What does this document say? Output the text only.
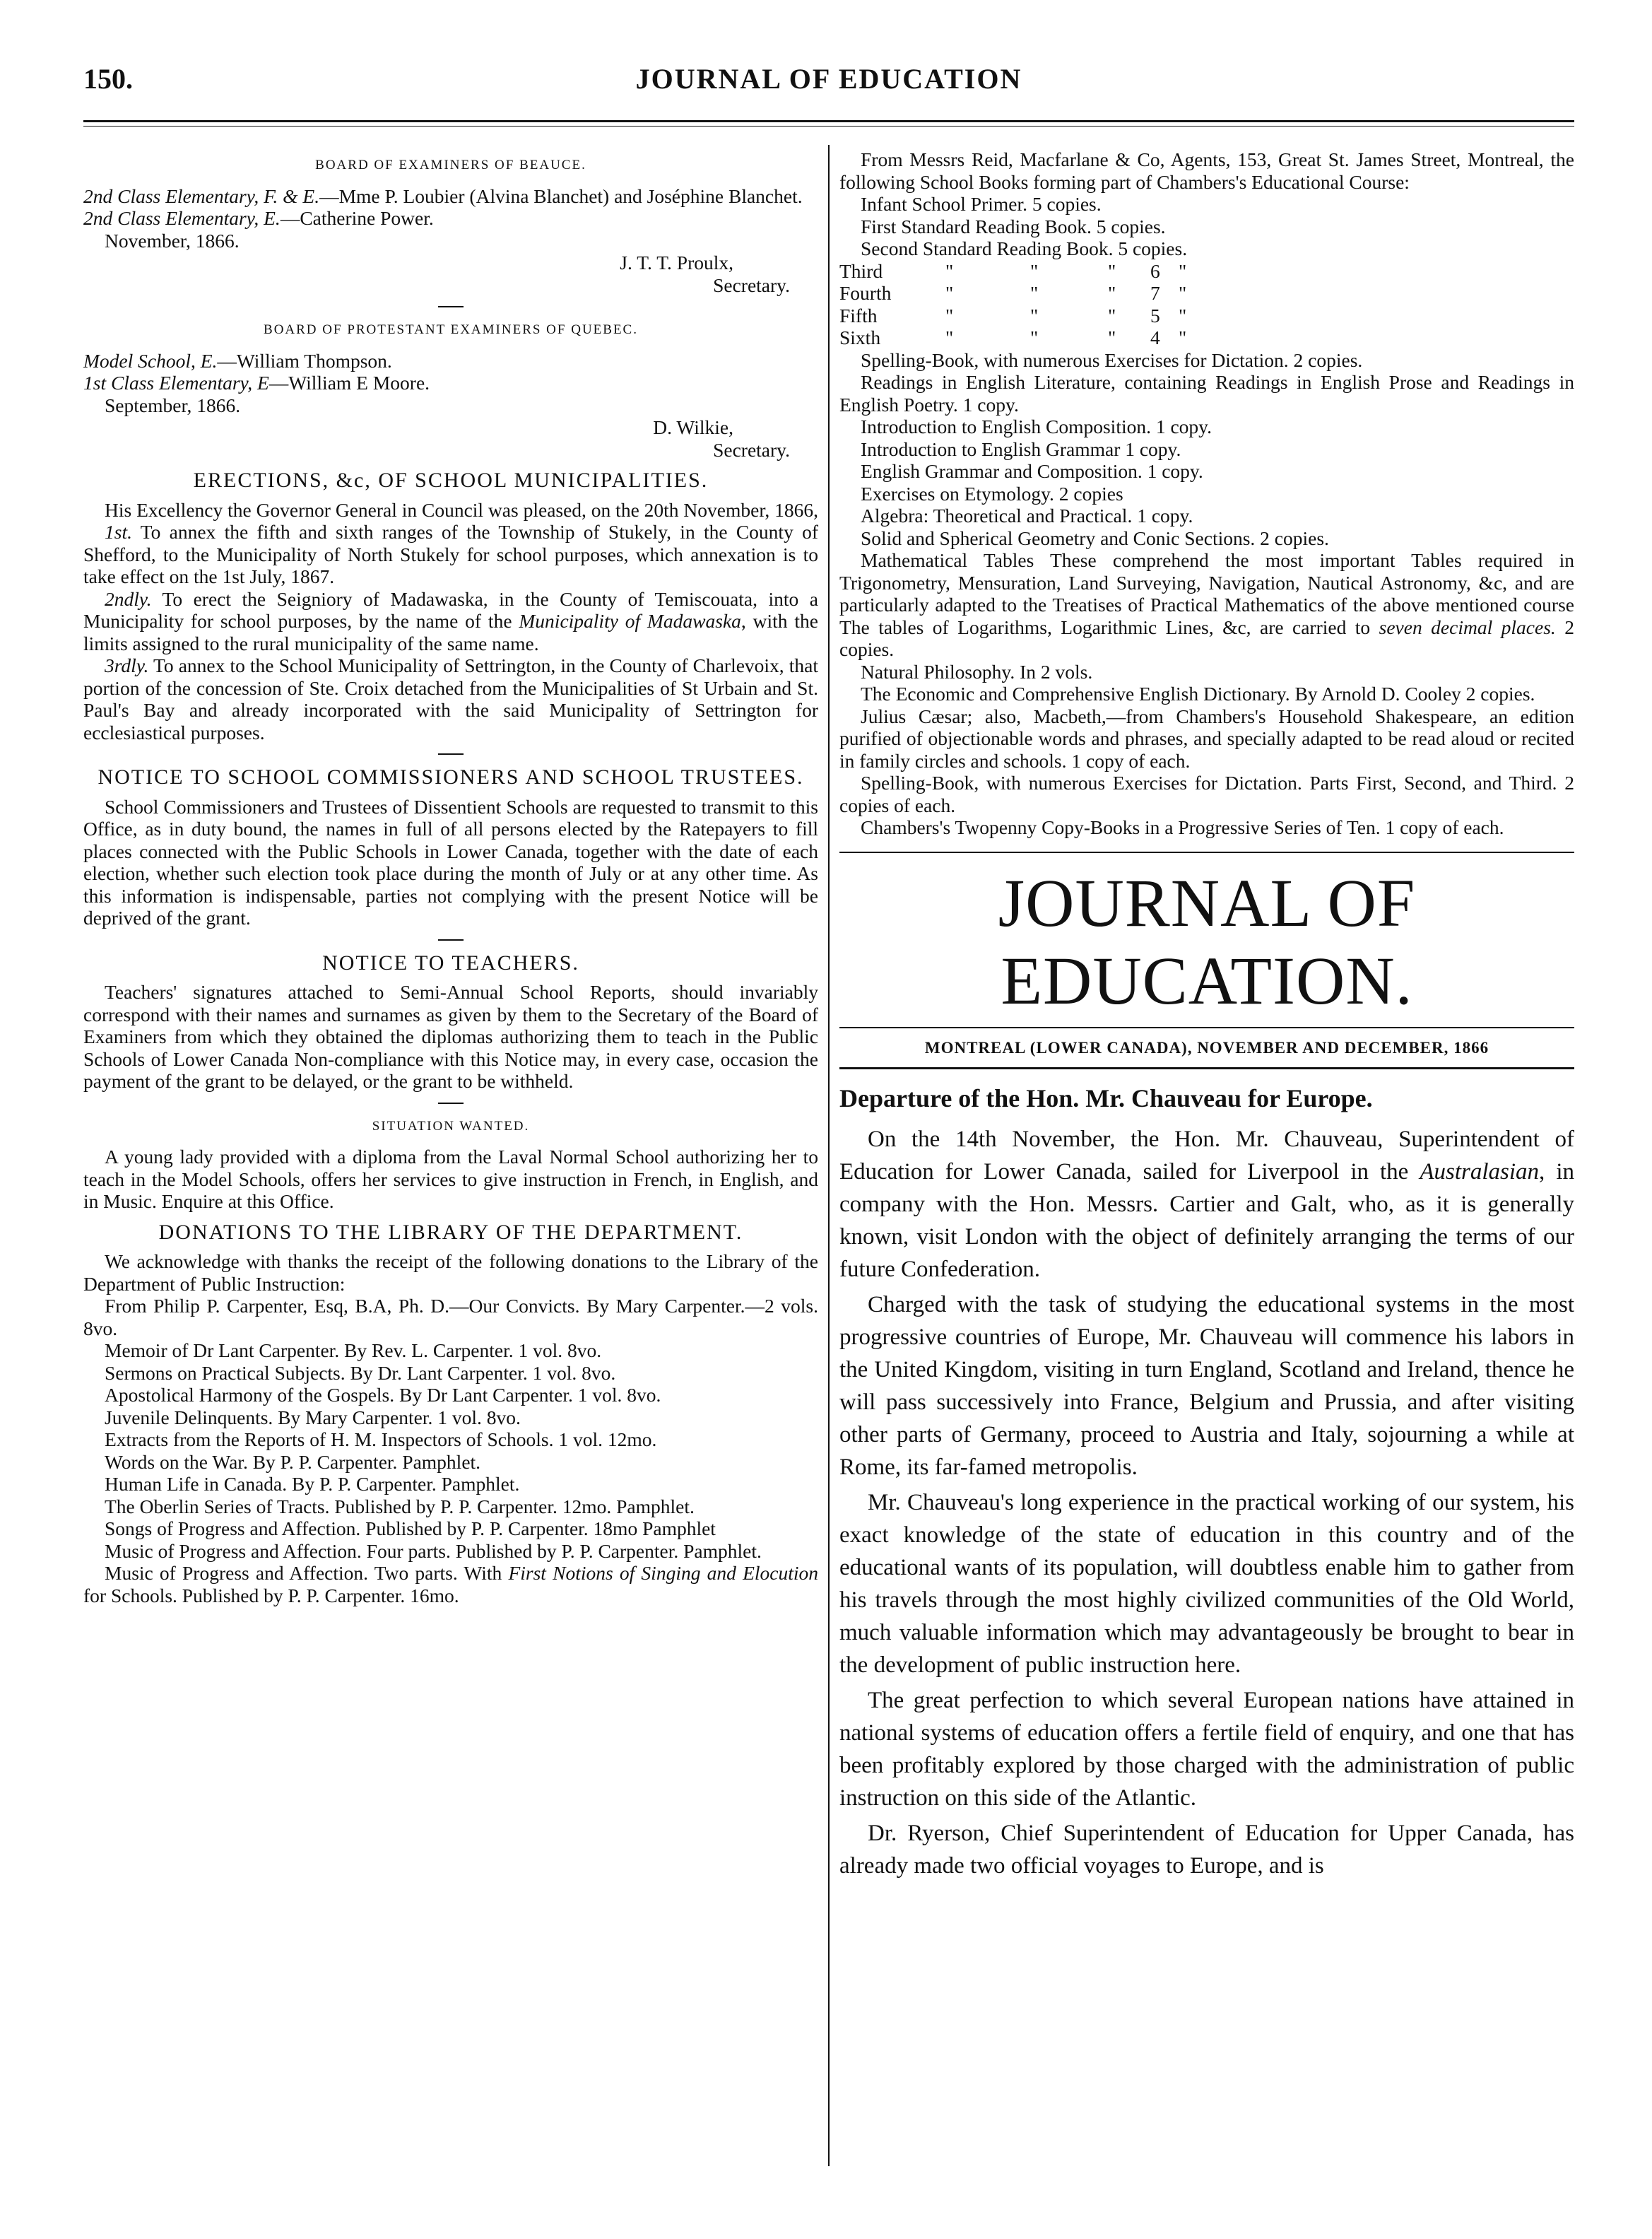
150.	JOURNAL OF EDUCATION
BOARD OF EXAMINERS OF BEAUCE.

2nd Class Elementary, F. & E.—Mme P. Loubier (Alvina Blanchet) and Joséphine Blanchet.

2nd Class Elementary, E.—Catherine Power.

November, 1866.

J. T. T. Proulx,

Secretary.

BOARD OF PROTESTANT EXAMINERS OF QUEBEC.

Model School, E.—William Thompson.

1st Class Elementary, E—William E Moore.

September, 1866.

D. Wilkie,

Secretary.

ERECTIONS, &c, OF SCHOOL MUNICIPALITIES.

His Excellency the Governor General in Council was pleased, on the 20th November, 1866,

1st. To annex the fifth and sixth ranges of the Township of Stukely, in the County of Shefford, to the Municipality of North Stukely for school purposes, which annexation is to take effect on the 1st July, 1867.

2ndly. To erect the Seigniory of Madawaska, in the County of Temiscouata, into a Municipality for school purposes, by the name of the Municipality of Madawaska, with the limits assigned to the rural municipality of the same name.

3rdly. To annex to the School Municipality of Settrington, in the County of Charlevoix, that portion of the concession of Ste. Croix detached from the Municipalities of St Urbain and St. Paul's Bay and already incorporated with the said Municipality of Settrington for ecclesiastical purposes.

NOTICE TO SCHOOL COMMISSIONERS AND SCHOOL TRUSTEES.

School Commissioners and Trustees of Dissentient Schools are requested to transmit to this Office, as in duty bound, the names in full of all persons elected by the Ratepayers to fill places connected with the Public Schools in Lower Canada, together with the date of each election, whether such election took place during the month of July or at any other time. As this information is indispensable, parties not complying with the present Notice will be deprived of the grant.

NOTICE TO TEACHERS.

Teachers' signatures attached to Semi-Annual School Reports, should invariably correspond with their names and surnames as given by them to the Secretary of the Board of Examiners from which they obtained the diplomas authorizing them to teach in the Public Schools of Lower Canada Non-compliance with this Notice may, in every case, occasion the payment of the grant to be delayed, or the grant to be withheld.

SITUATION WANTED.

A young lady provided with a diploma from the Laval Normal School authorizing her to teach in the Model Schools, offers her services to give instruction in French, in English, and in Music. Enquire at this Office.

DONATIONS TO THE LIBRARY OF THE DEPARTMENT.

We acknowledge with thanks the receipt of the following donations to the Library of the Department of Public Instruction:

From Philip P. Carpenter, Esq, B.A, Ph. D.—Our Convicts. By Mary Carpenter.—2 vols. 8vo.

Memoir of Dr Lant Carpenter. By Rev. L. Carpenter. 1 vol. 8vo.

Sermons on Practical Subjects. By Dr. Lant Carpenter. 1 vol. 8vo.

Apostolical Harmony of the Gospels. By Dr Lant Carpenter. 1 vol. 8vo.

Juvenile Delinquents. By Mary Carpenter. 1 vol. 8vo.

Extracts from the Reports of H. M. Inspectors of Schools. 1 vol. 12mo.

Words on the War. By P. P. Carpenter. Pamphlet.

Human Life in Canada. By P. P. Carpenter. Pamphlet.

The Oberlin Series of Tracts. Published by P. P. Carpenter. 12mo. Pamphlet.

Songs of Progress and Affection. Published by P. P. Carpenter. 18mo Pamphlet

Music of Progress and Affection. Four parts. Published by P. P. Carpenter. Pamphlet.

Music of Progress and Affection. Two parts. With First Notions of Singing and Elocution for Schools. Published by P. P. Carpenter. 16mo.

From Messrs Reid, Macfarlane & Co, Agents, 153, Great St. James Street, Montreal, the following School Books forming part of Chambers's Educational Course:

Infant School Primer. 5 copies.

First Standard Reading Book. 5 copies.

Second Standard Reading Book. 5 copies.

Third	"	"	"	6 "
Fourth	"	"	"	7 "
Fifth	"	"	"	5 "
Sixth	"	"	"	4 "

Spelling-Book, with numerous Exercises for Dictation. 2 copies.

Readings in English Literature, containing Readings in English Prose and Readings in English Poetry. 1 copy.

Introduction to English Composition. 1 copy.

Introduction to English Grammar 1 copy.

English Grammar and Composition. 1 copy.

Exercises on Etymology. 2 copies

Algebra: Theoretical and Practical. 1 copy.

Solid and Spherical Geometry and Conic Sections. 2 copies.

Mathematical Tables These comprehend the most important Tables required in Trigonometry, Mensuration, Land Surveying, Navigation, Nautical Astronomy, &c, and are particularly adapted to the Treatises of Practical Mathematics of the above mentioned course The tables of Logarithms, Logarithmic Lines, &c, are carried to seven decimal places. 2 copies.

Natural Philosophy. In 2 vols.

The Economic and Comprehensive English Dictionary. By Arnold D. Cooley 2 copies.

Julius Cæsar; also, Macbeth,—from Chambers's Household Shakespeare, an edition purified of objectionable words and phrases, and specially adapted to be read aloud or recited in family circles and schools. 1 copy of each.

Spelling-Book, with numerous Exercises for Dictation. Parts First, Second, and Third. 2 copies of each.

Chambers's Twopenny Copy-Books in a Progressive Series of Ten. 1 copy of each.

JOURNAL OF EDUCATION.
MONTREAL (LOWER CANADA), NOVEMBER AND DECEMBER, 1866
Departure of the Hon. Mr. Chauveau for Europe.

On the 14th November, the Hon. Mr. Chauveau, Superintendent of Education for Lower Canada, sailed for Liverpool in the Australasian, in company with the Hon. Messrs. Cartier and Galt, who, as it is generally known, visit London with the object of definitely arranging the terms of our future Confederation.

Charged with the task of studying the educational systems in the most progressive countries of Europe, Mr. Chauveau will commence his labors in the United Kingdom, visiting in turn England, Scotland and Ireland, thence he will pass successively into France, Belgium and Prussia, and after visiting other parts of Germany, proceed to Austria and Italy, sojourning a while at Rome, its far-famed metropolis.

Mr. Chauveau's long experience in the practical working of our system, his exact knowledge of the state of education in this country and of the educational wants of its population, will doubtless enable him to gather from his travels through the most highly civilized communities of the Old World, much valuable information which may advantageously be brought to bear in the development of public instruction here.

The great perfection to which several European nations have attained in national systems of education offers a fertile field of enquiry, and one that has been profitably explored by those charged with the administration of public instruction on this side of the Atlantic.

Dr. Ryerson, Chief Superintendent of Education for Upper Canada, has already made two official voyages to Europe, and is
